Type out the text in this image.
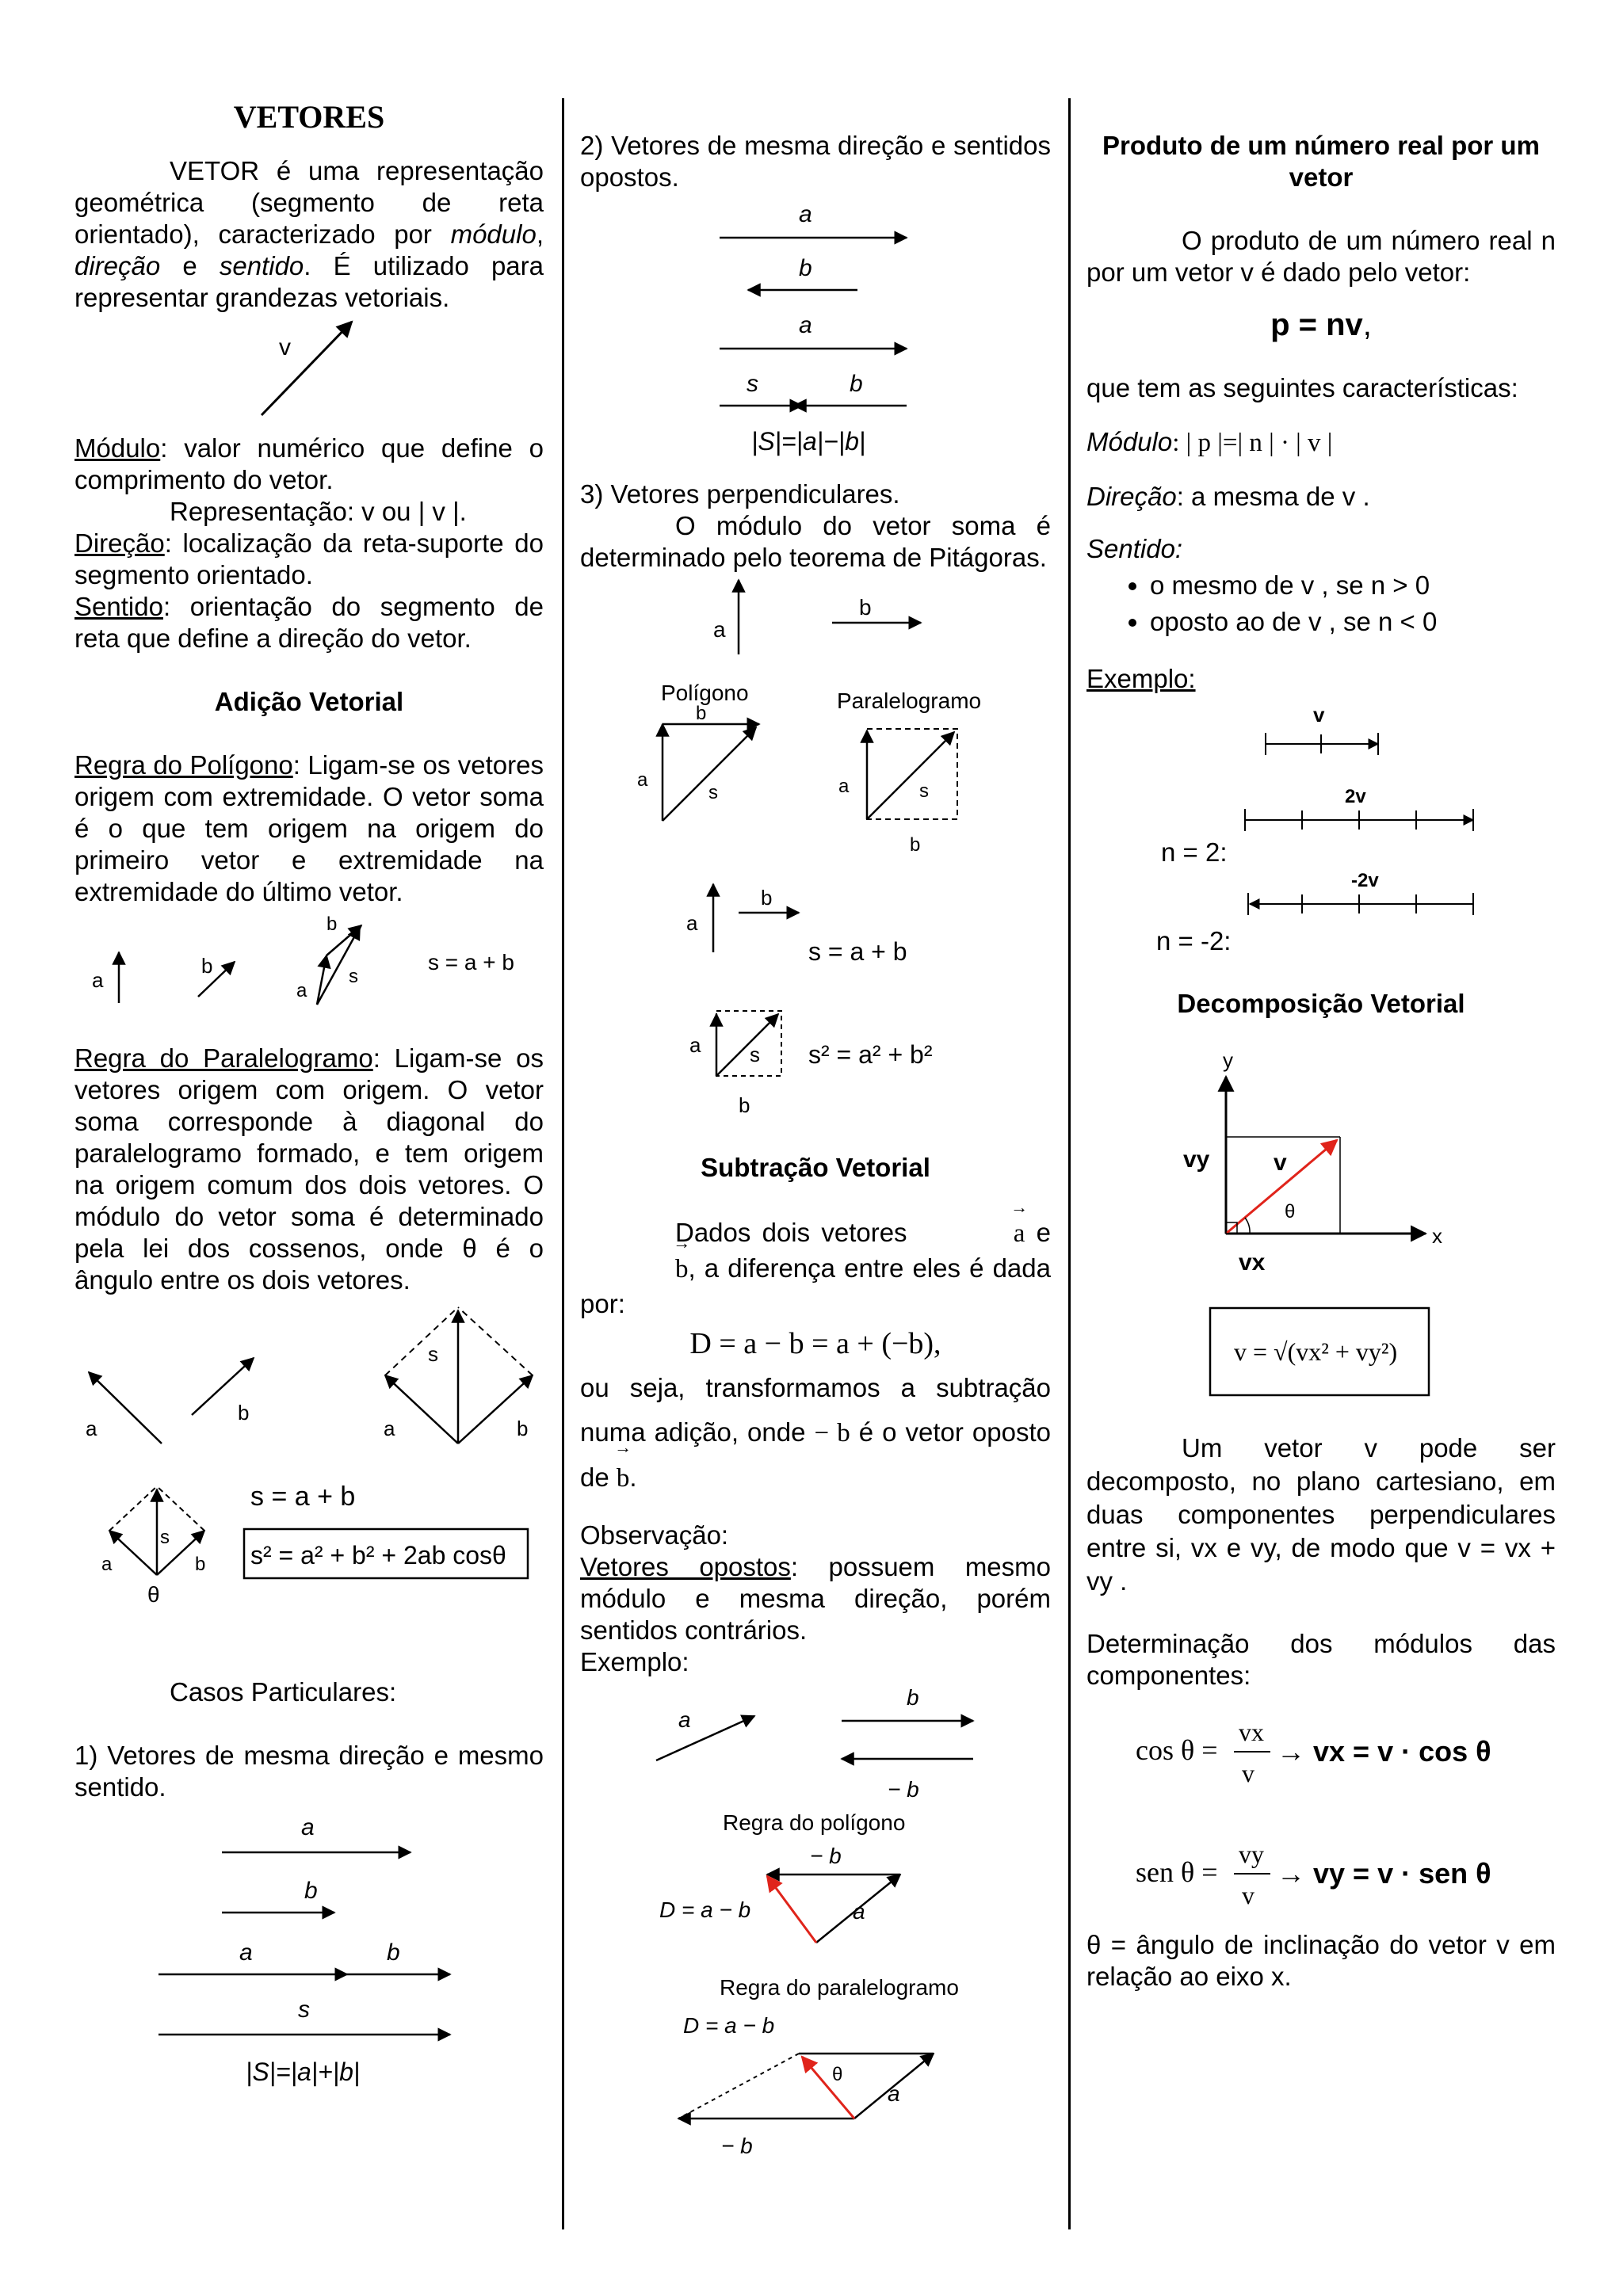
VETORES

VETOR é uma representação geométrica (segmento de reta orientado), caracterizado por módulo, direção e sentido. É utilizado para representar grandezas vetoriais.

v

Módulo: valor numérico que define o comprimento do vetor.

Representação: v ou | v |.

Direção: localização da reta-suporte do segmento orientado.

Sentido: orientação do segmento de reta que define a direção do vetor.

Adição Vetorial

Regra do Polígono: Ligam-se os vetores origem com extremidade. O vetor soma é o que tem origem na origem do primeiro vetor e extremidade na extremidade do último vetor.

a
b
a
b
s
s = a + b

Regra do Paralelogramo: Ligam-se os vetores origem com origem. O vetor soma corresponde à diagonal do paralelogramo formado, e tem origem na origem comum dos dois vetores. O módulo do vetor soma é determinado pela lei dos cossenos, onde θ é o ângulo entre os dois vetores.

a
b
s
a	b
s
a	b
θ
s = a + b
s² = a² + b² + 2ab cosθ

Casos Particulares:

1) Vetores de mesma direção e mesmo sentido.

a
b
a	b
s
|S|=|a|+|b|

2) Vetores de mesma direção e sentidos opostos.

a
b
a
s	b
|S|=|a|−|b|

3) Vetores perpendiculares.

O módulo do vetor soma é determinado pelo teorema de Pitágoras.

a
b
Polígono	Paralelogramo
a
b
s	a	s
b
a
b
s = a + b
a s
b
s² = a² + b²

Subtração Vetorial

Dados dois vetores →	a e → b, a diferença entre eles é dada por:

D = a − b = a + (−b),

ou seja, transformamos a subtração numa adição, onde − b é o vetor oposto de → b.

Observação:

Vetores opostos: possuem mesmo módulo e mesma direção, porém sentidos contrários.

Exemplo:

a
b
− b
Regra do polígono
− b
D = a − b	a
Regra do paralelogramo
D = a − b
θ
a
− b

Produto de um número real por um vetor

O produto de um número real n por um vetor v é dado pelo vetor:

p = nv,

que tem as seguintes características:

Módulo: | p |=| n | · | v |

Direção: a mesma de v .

Sentido:

• o mesmo de v , se n > 0
• oposto ao de v , se n < 0

Exemplo:

v
2v
n = 2:
-2v
n = -2:

Decomposição Vetorial

y
x
vy	v
θ
vx
v = √(vx² + vy²)

Um vetor v pode ser decomposto, no plano cartesiano, em duas componentes perpendiculares entre si, vx e vy, de modo que v = vx + vy .

Determinação dos módulos das componentes:

cos θ =
vx
v
→ vx = v · cos θ
sen θ =
vy
v
→ vy = v · sen θ

θ = ângulo de inclinação do vetor v em relação ao eixo x.
